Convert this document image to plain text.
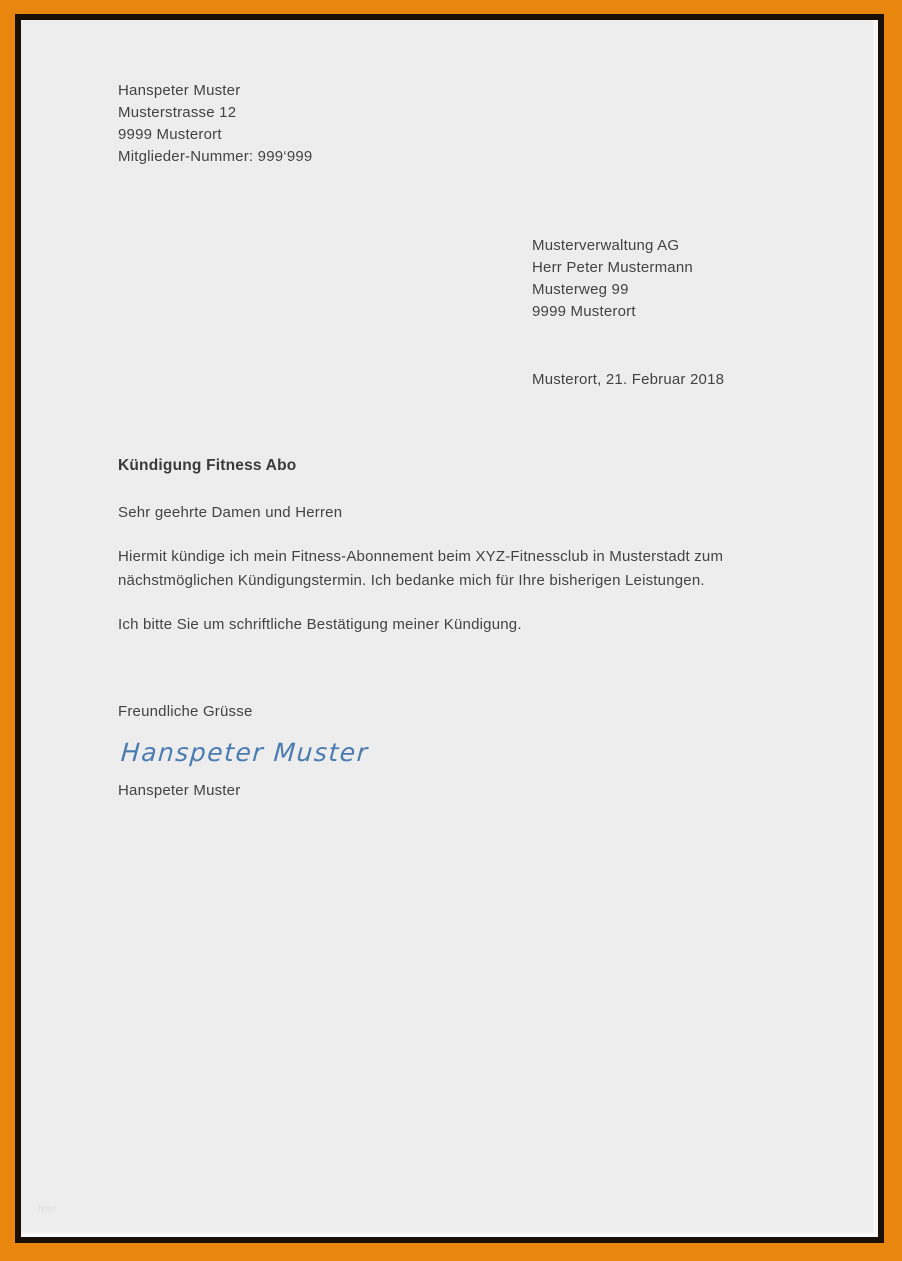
Hanspeter Muster
Musterstrasse 12
9999 Musterort
Mitglieder-Nummer: 999‘999
Musterverwaltung AG
Herr Peter Mustermann
Musterweg 99
9999 Musterort
Musterort, 21. Februar 2018
Kündigung Fitness Abo
Sehr geehrte Damen und Herren
Hiermit kündige ich mein Fitness-Abonnement beim XYZ-Fitnessclub in Musterstadt zum nächstmöglichen Kündigungstermin. Ich bedanke mich für Ihre bisherigen Leistungen.
Ich bitte Sie um schriftliche Bestätigung meiner Kündigung.
Freundliche Grüsse
Hanspeter Muster
Hanspeter Muster
hmr
